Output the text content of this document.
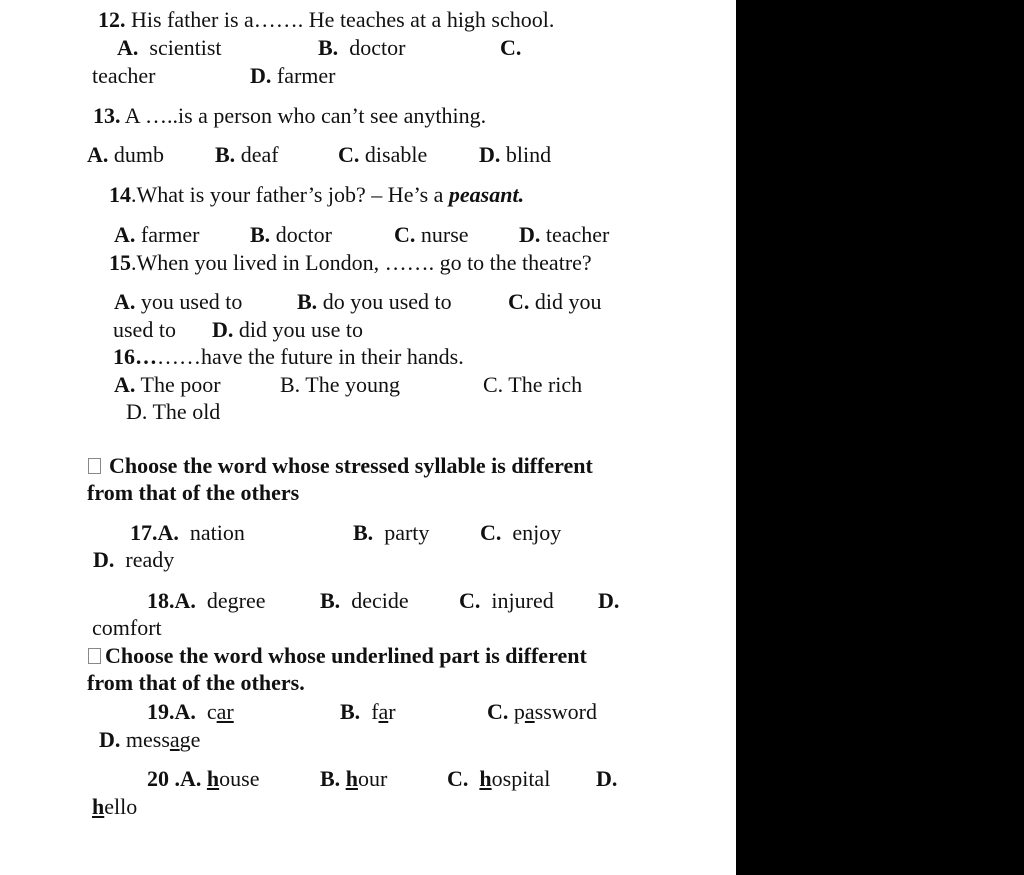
12. His father is a……. He teaches at a high school.
A. scientist	B. doctor	C.
teacher	D. farmer
13. A …..is a person who can’t see anything.
A. dumb B. deaf	C. disable D. blind
14.What is your father’s job? – He’s a peasant.
A. farmer B. doctor	C. nurse D. teacher
15.When you lived in London, ……. go to the theatre?
A. you used to B. do you used to	C. did you
used to D. did you use to
16………have the future in their hands.
A. The poor	B. The young	C. The rich
D. The old
Choose the word whose stressed syllable is different
from that of the others
17.A. nation	B. party C. enjoy
D. ready
18.A. degree B. decide C. injured D.
comfort
Choose the word whose underlined part is different
from that of the others.
19.A. car	B. far	C. password
D. message
20 .A. house	B. hour	C. hospital D.
hello
